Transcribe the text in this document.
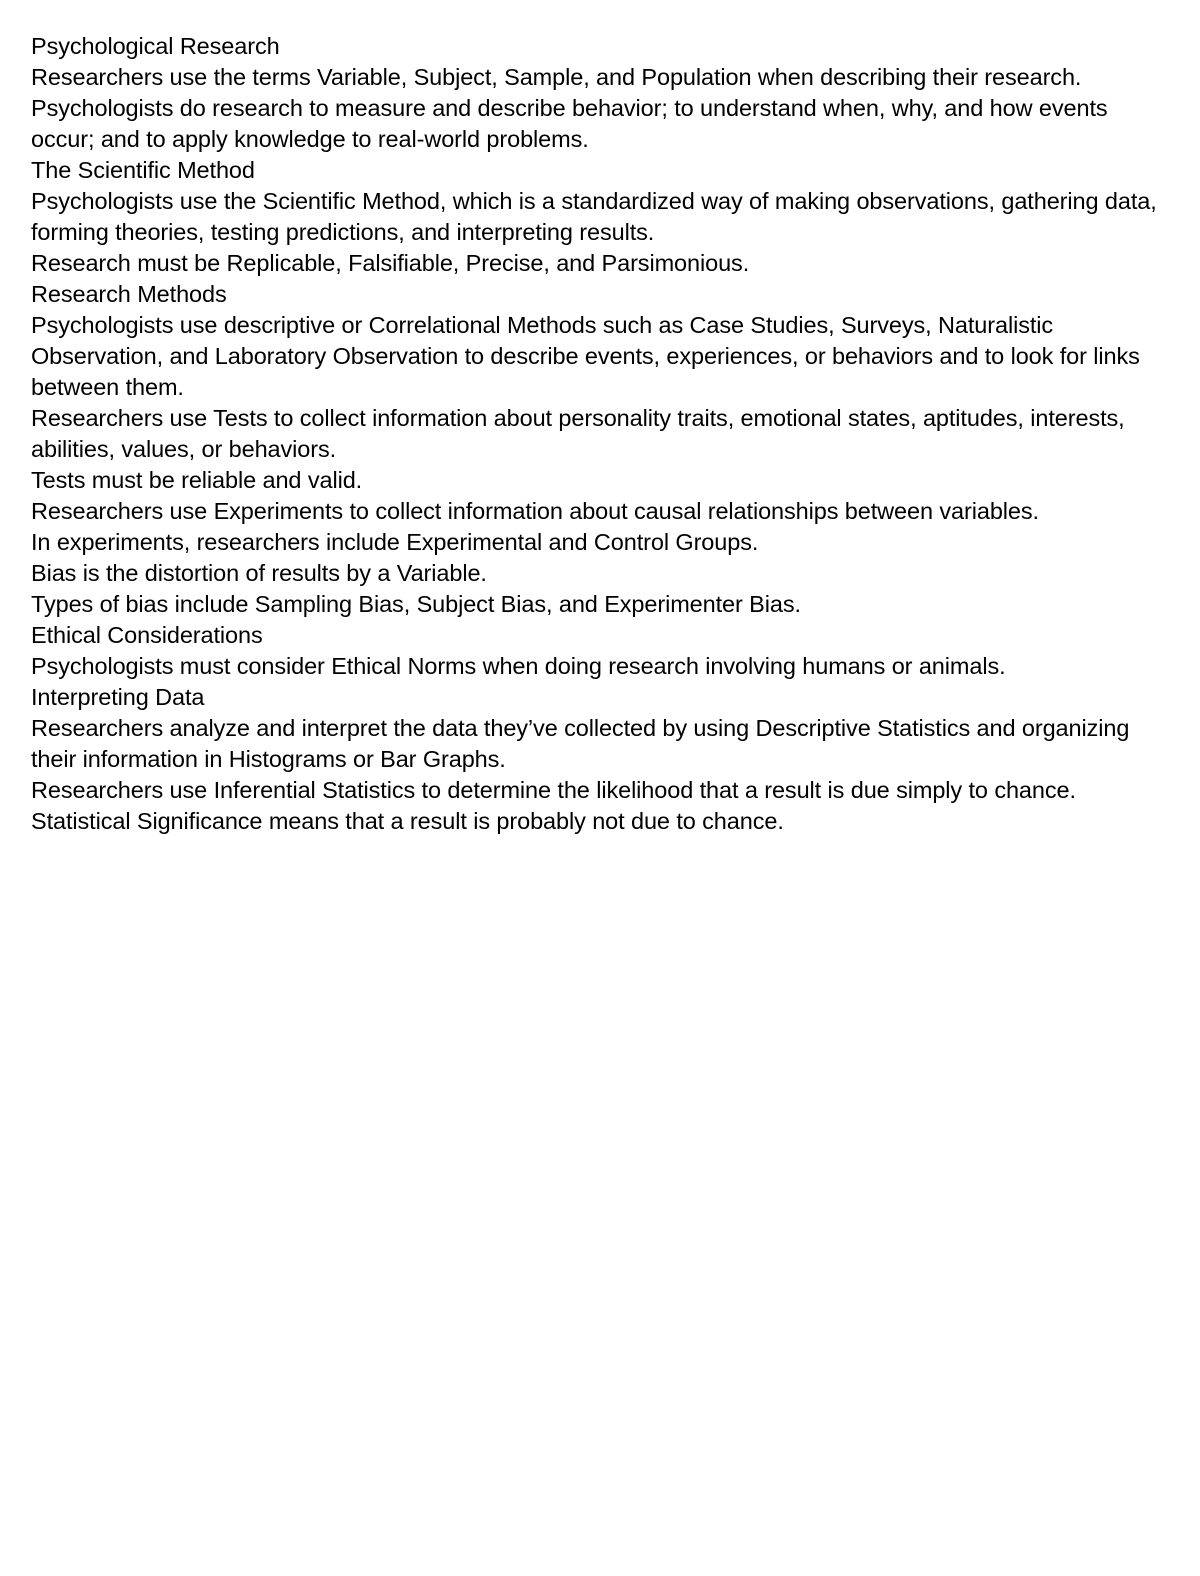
Psychological Research
Researchers use the terms Variable, Subject, Sample, and Population when describing their research.
Psychologists do research to measure and describe behavior; to understand when, why, and how events occur; and to apply knowledge to real-world problems.
The Scientific Method
Psychologists use the Scientific Method, which is a standardized way of making observations, gathering data, forming theories, testing predictions, and interpreting results.
Research must be Replicable, Falsifiable, Precise, and Parsimonious.
Research Methods
Psychologists use descriptive or Correlational Methods such as Case Studies, Surveys, Naturalistic Observation, and Laboratory Observation to describe events, experiences, or behaviors and to look for links between them.
Researchers use Tests to collect information about personality traits, emotional states, aptitudes, interests, abilities, values, or behaviors.
Tests must be reliable and valid.
Researchers use Experiments to collect information about causal relationships between variables.
In experiments, researchers include Experimental and Control Groups.
Bias is the distortion of results by a Variable.
Types of bias include Sampling Bias, Subject Bias, and Experimenter Bias.
Ethical Considerations
Psychologists must consider Ethical Norms when doing research involving humans or animals.
Interpreting Data
Researchers analyze and interpret the data they’ve collected by using Descriptive Statistics and organizing their information in Histograms or Bar Graphs.
Researchers use Inferential Statistics to determine the likelihood that a result is due simply to chance.
Statistical Significance means that a result is probably not due to chance.
